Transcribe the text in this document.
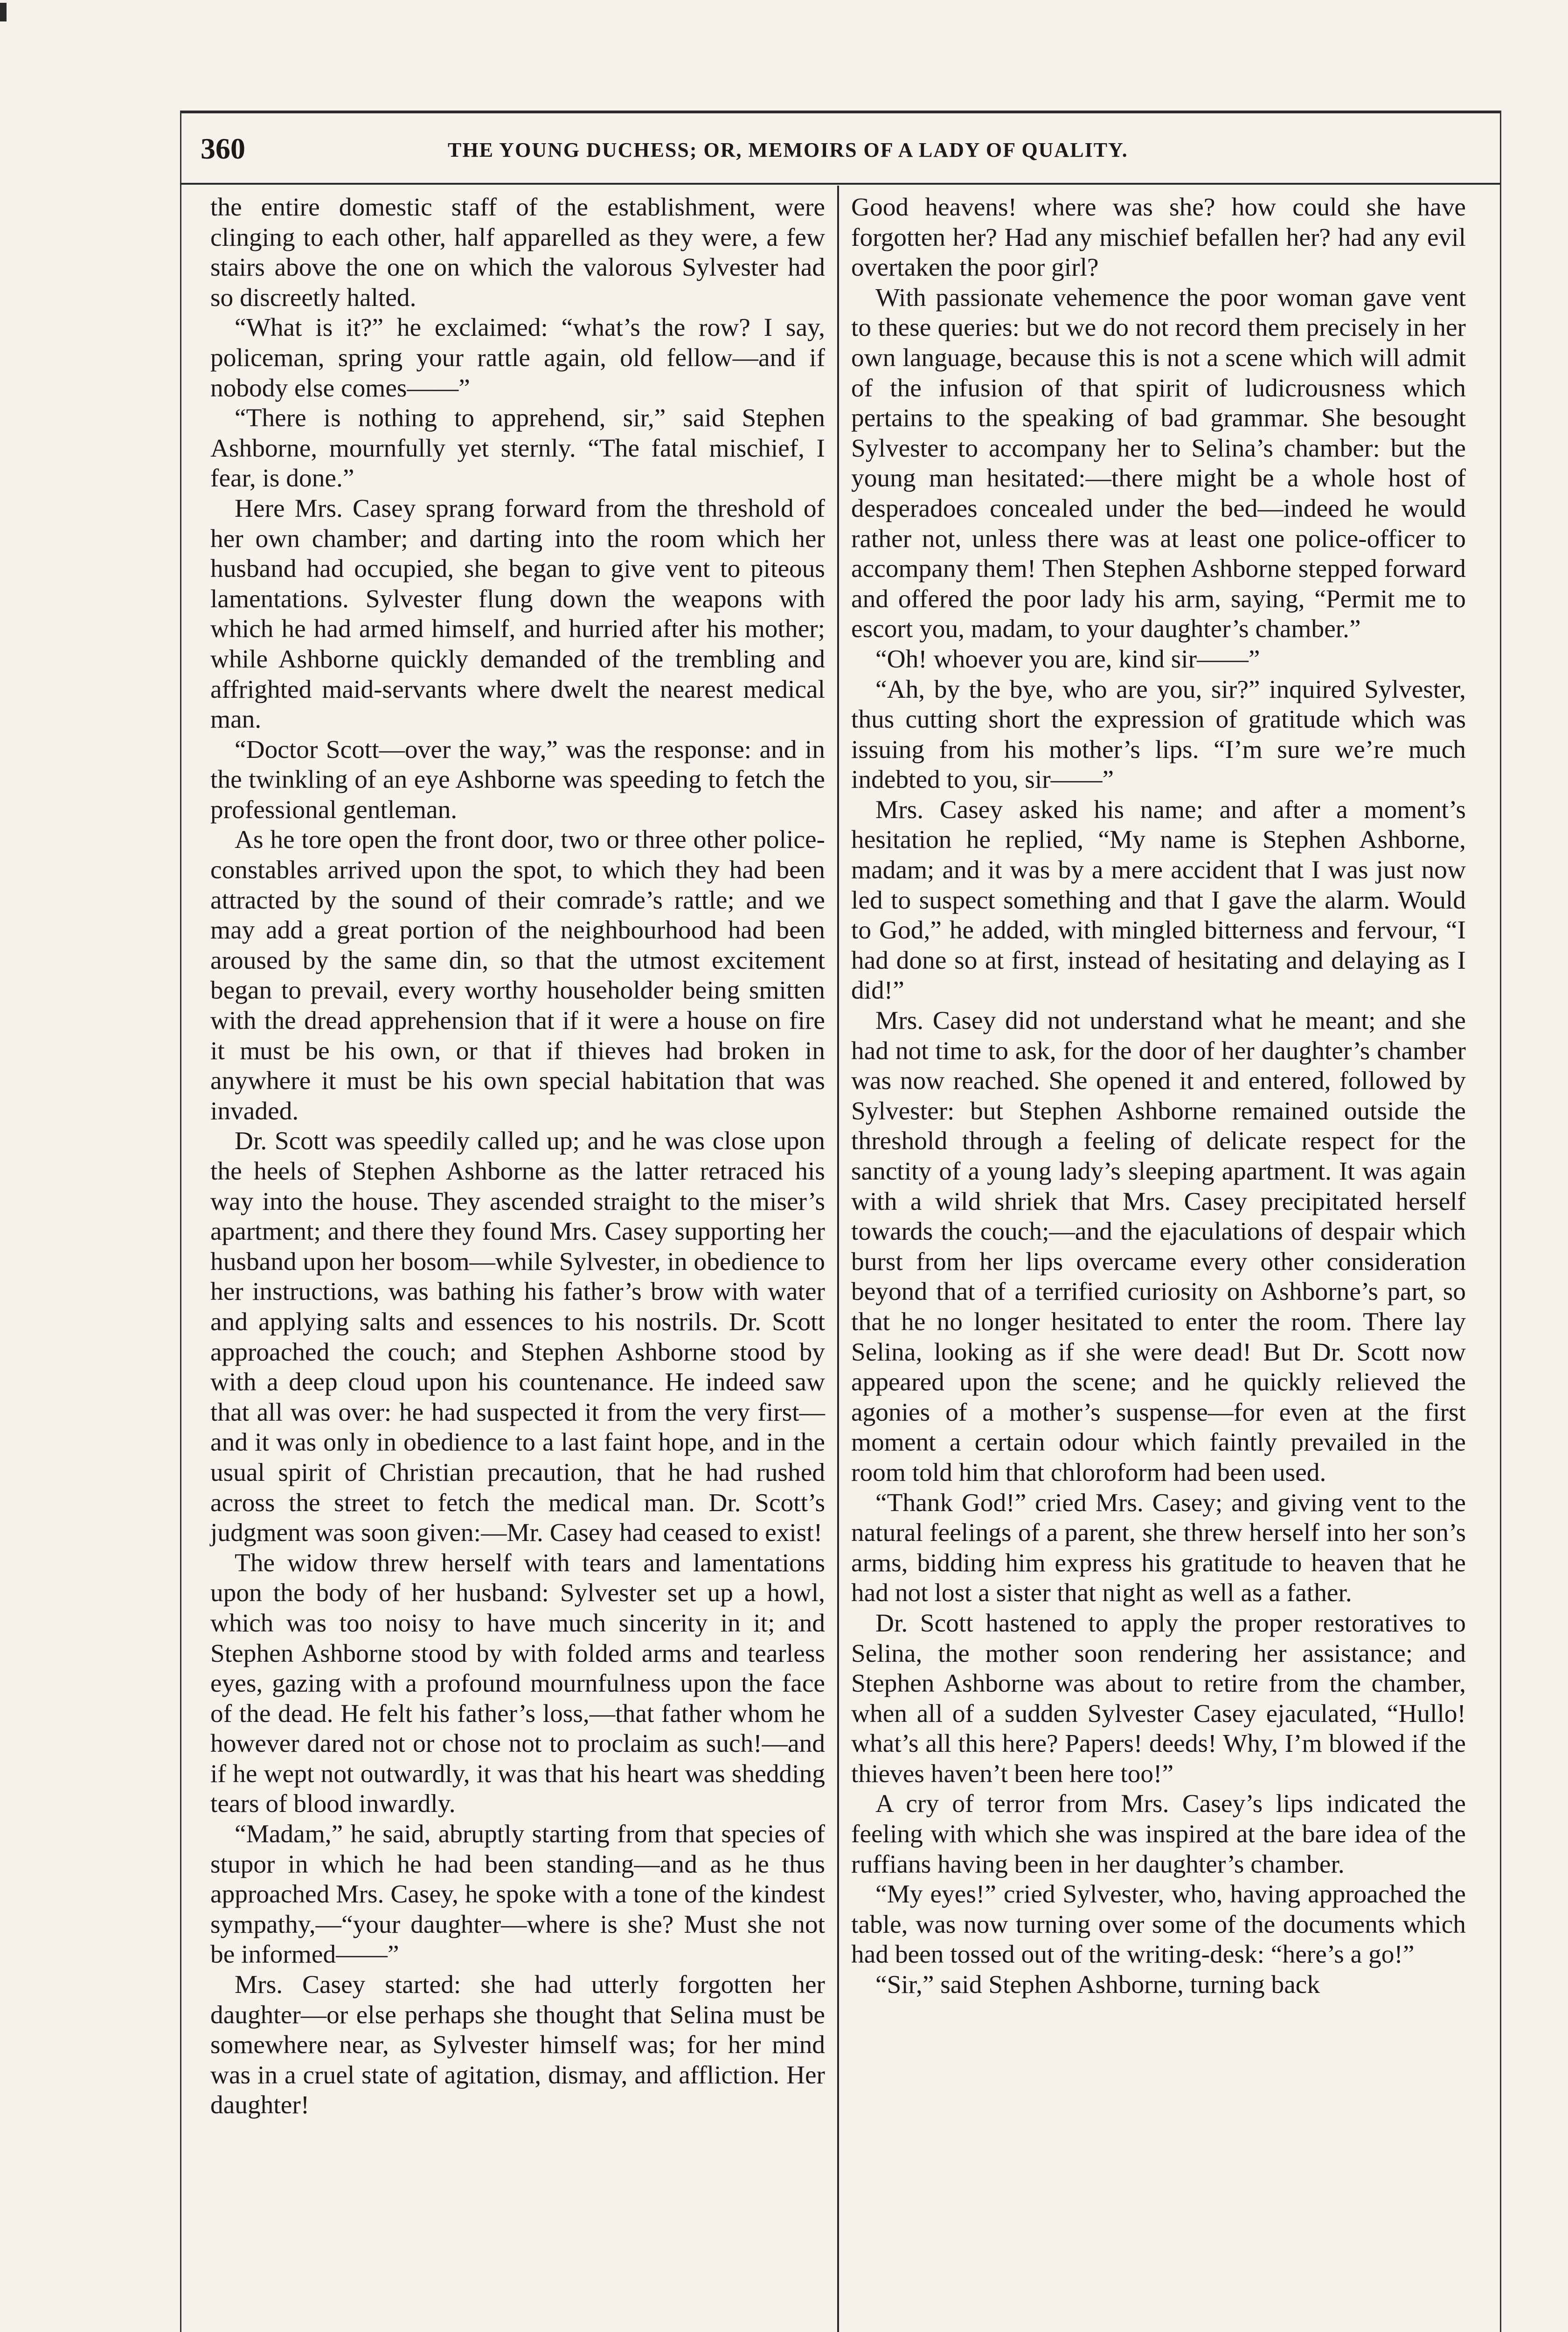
360	THE YOUNG DUCHESS; OR, MEMOIRS OF A LADY OF QUALITY.

the entire domestic staff of the establishment, were clinging to each other, half apparelled as they were, a few stairs above the one on which the valorous Sylvester had so discreetly halted.

“What is it?” he exclaimed: “what’s the row? I say, policeman, spring your rattle again, old fellow—and if nobody else comes——”

“There is nothing to apprehend, sir,” said Stephen Ashborne, mournfully yet sternly. “The fatal mischief, I fear, is done.”

Here Mrs. Casey sprang forward from the threshold of her own chamber; and darting into the room which her husband had occupied, she began to give vent to piteous lamentations. Sylvester flung down the weapons with which he had armed himself, and hurried after his mother; while Ashborne quickly demanded of the trembling and affrighted maid-servants where dwelt the nearest medical man.

“Doctor Scott—over the way,” was the response: and in the twinkling of an eye Ashborne was speeding to fetch the professional gentleman.

As he tore open the front door, two or three other police-constables arrived upon the spot, to which they had been attracted by the sound of their comrade’s rattle; and we may add a great portion of the neighbourhood had been aroused by the same din, so that the utmost excitement began to prevail, every worthy householder being smitten with the dread apprehension that if it were a house on fire it must be his own, or that if thieves had broken in anywhere it must be his own special habitation that was invaded.

Dr. Scott was speedily called up; and he was close upon the heels of Stephen Ashborne as the latter retraced his way into the house. They ascended straight to the miser’s apartment; and there they found Mrs. Casey supporting her husband upon her bosom—while Sylvester, in obedience to her instructions, was bathing his father’s brow with water and applying salts and essences to his nostrils. Dr. Scott approached the couch; and Stephen Ashborne stood by with a deep cloud upon his countenance. He indeed saw that all was over: he had suspected it from the very first—and it was only in obedience to a last faint hope, and in the usual spirit of Christian precaution, that he had rushed across the street to fetch the medical man. Dr. Scott’s judgment was soon given:—Mr. Casey had ceased to exist!

The widow threw herself with tears and lamentations upon the body of her husband: Sylvester set up a howl, which was too noisy to have much sincerity in it; and Stephen Ashborne stood by with folded arms and tearless eyes, gazing with a profound mournfulness upon the face of the dead. He felt his father’s loss,—that father whom he however dared not or chose not to proclaim as such!—and if he wept not outwardly, it was that his heart was shedding tears of blood inwardly.

“Madam,” he said, abruptly starting from that species of stupor in which he had been standing—and as he thus approached Mrs. Casey, he spoke with a tone of the kindest sympathy,—“your daughter—where is she? Must she not be informed——”

Mrs. Casey started: she had utterly forgotten her daughter—or else perhaps she thought that Selina must be somewhere near, as Sylvester himself was; for her mind was in a cruel state of agitation, dismay, and affliction. Her daughter!

Good heavens! where was she? how could she have forgotten her? Had any mischief befallen her? had any evil overtaken the poor girl?

With passionate vehemence the poor woman gave vent to these queries: but we do not record them precisely in her own language, because this is not a scene which will admit of the infusion of that spirit of ludicrousness which pertains to the speaking of bad grammar. She besought Sylvester to accompany her to Selina’s chamber: but the young man hesitated:—there might be a whole host of desperadoes concealed under the bed—indeed he would rather not, unless there was at least one police-officer to accompany them! Then Stephen Ashborne stepped forward and offered the poor lady his arm, saying, “Permit me to escort you, madam, to your daughter’s chamber.”

“Oh! whoever you are, kind sir——”

“Ah, by the bye, who are you, sir?” inquired Sylvester, thus cutting short the expression of gratitude which was issuing from his mother’s lips. “I’m sure we’re much indebted to you, sir——”

Mrs. Casey asked his name; and after a moment’s hesitation he replied, “My name is Stephen Ashborne, madam; and it was by a mere accident that I was just now led to suspect something and that I gave the alarm. Would to God,” he added, with mingled bitterness and fervour, “I had done so at first, instead of hesitating and delaying as I did!”

Mrs. Casey did not understand what he meant; and she had not time to ask, for the door of her daughter’s chamber was now reached. She opened it and entered, followed by Sylvester: but Stephen Ashborne remained outside the threshold through a feeling of delicate respect for the sanctity of a young lady’s sleeping apartment. It was again with a wild shriek that Mrs. Casey precipitated herself towards the couch;—and the ejaculations of despair which burst from her lips overcame every other consideration beyond that of a terrified curiosity on Ashborne’s part, so that he no longer hesitated to enter the room. There lay Selina, looking as if she were dead! But Dr. Scott now appeared upon the scene; and he quickly relieved the agonies of a mother’s suspense—for even at the first moment a certain odour which faintly prevailed in the room told him that chloroform had been used.

“Thank God!” cried Mrs. Casey; and giving vent to the natural feelings of a parent, she threw herself into her son’s arms, bidding him express his gratitude to heaven that he had not lost a sister that night as well as a father.

Dr. Scott hastened to apply the proper restoratives to Selina, the mother soon rendering her assistance; and Stephen Ashborne was about to retire from the chamber, when all of a sudden Sylvester Casey ejaculated, “Hullo! what’s all this here? Papers! deeds! Why, I’m blowed if the thieves haven’t been here too!”

A cry of terror from Mrs. Casey’s lips indicated the feeling with which she was inspired at the bare idea of the ruffians having been in her daughter’s chamber.

“My eyes!” cried Sylvester, who, having approached the table, was now turning over some of the documents which had been tossed out of the writing-desk: “here’s a go!”

“Sir,” said Stephen Ashborne, turning back
